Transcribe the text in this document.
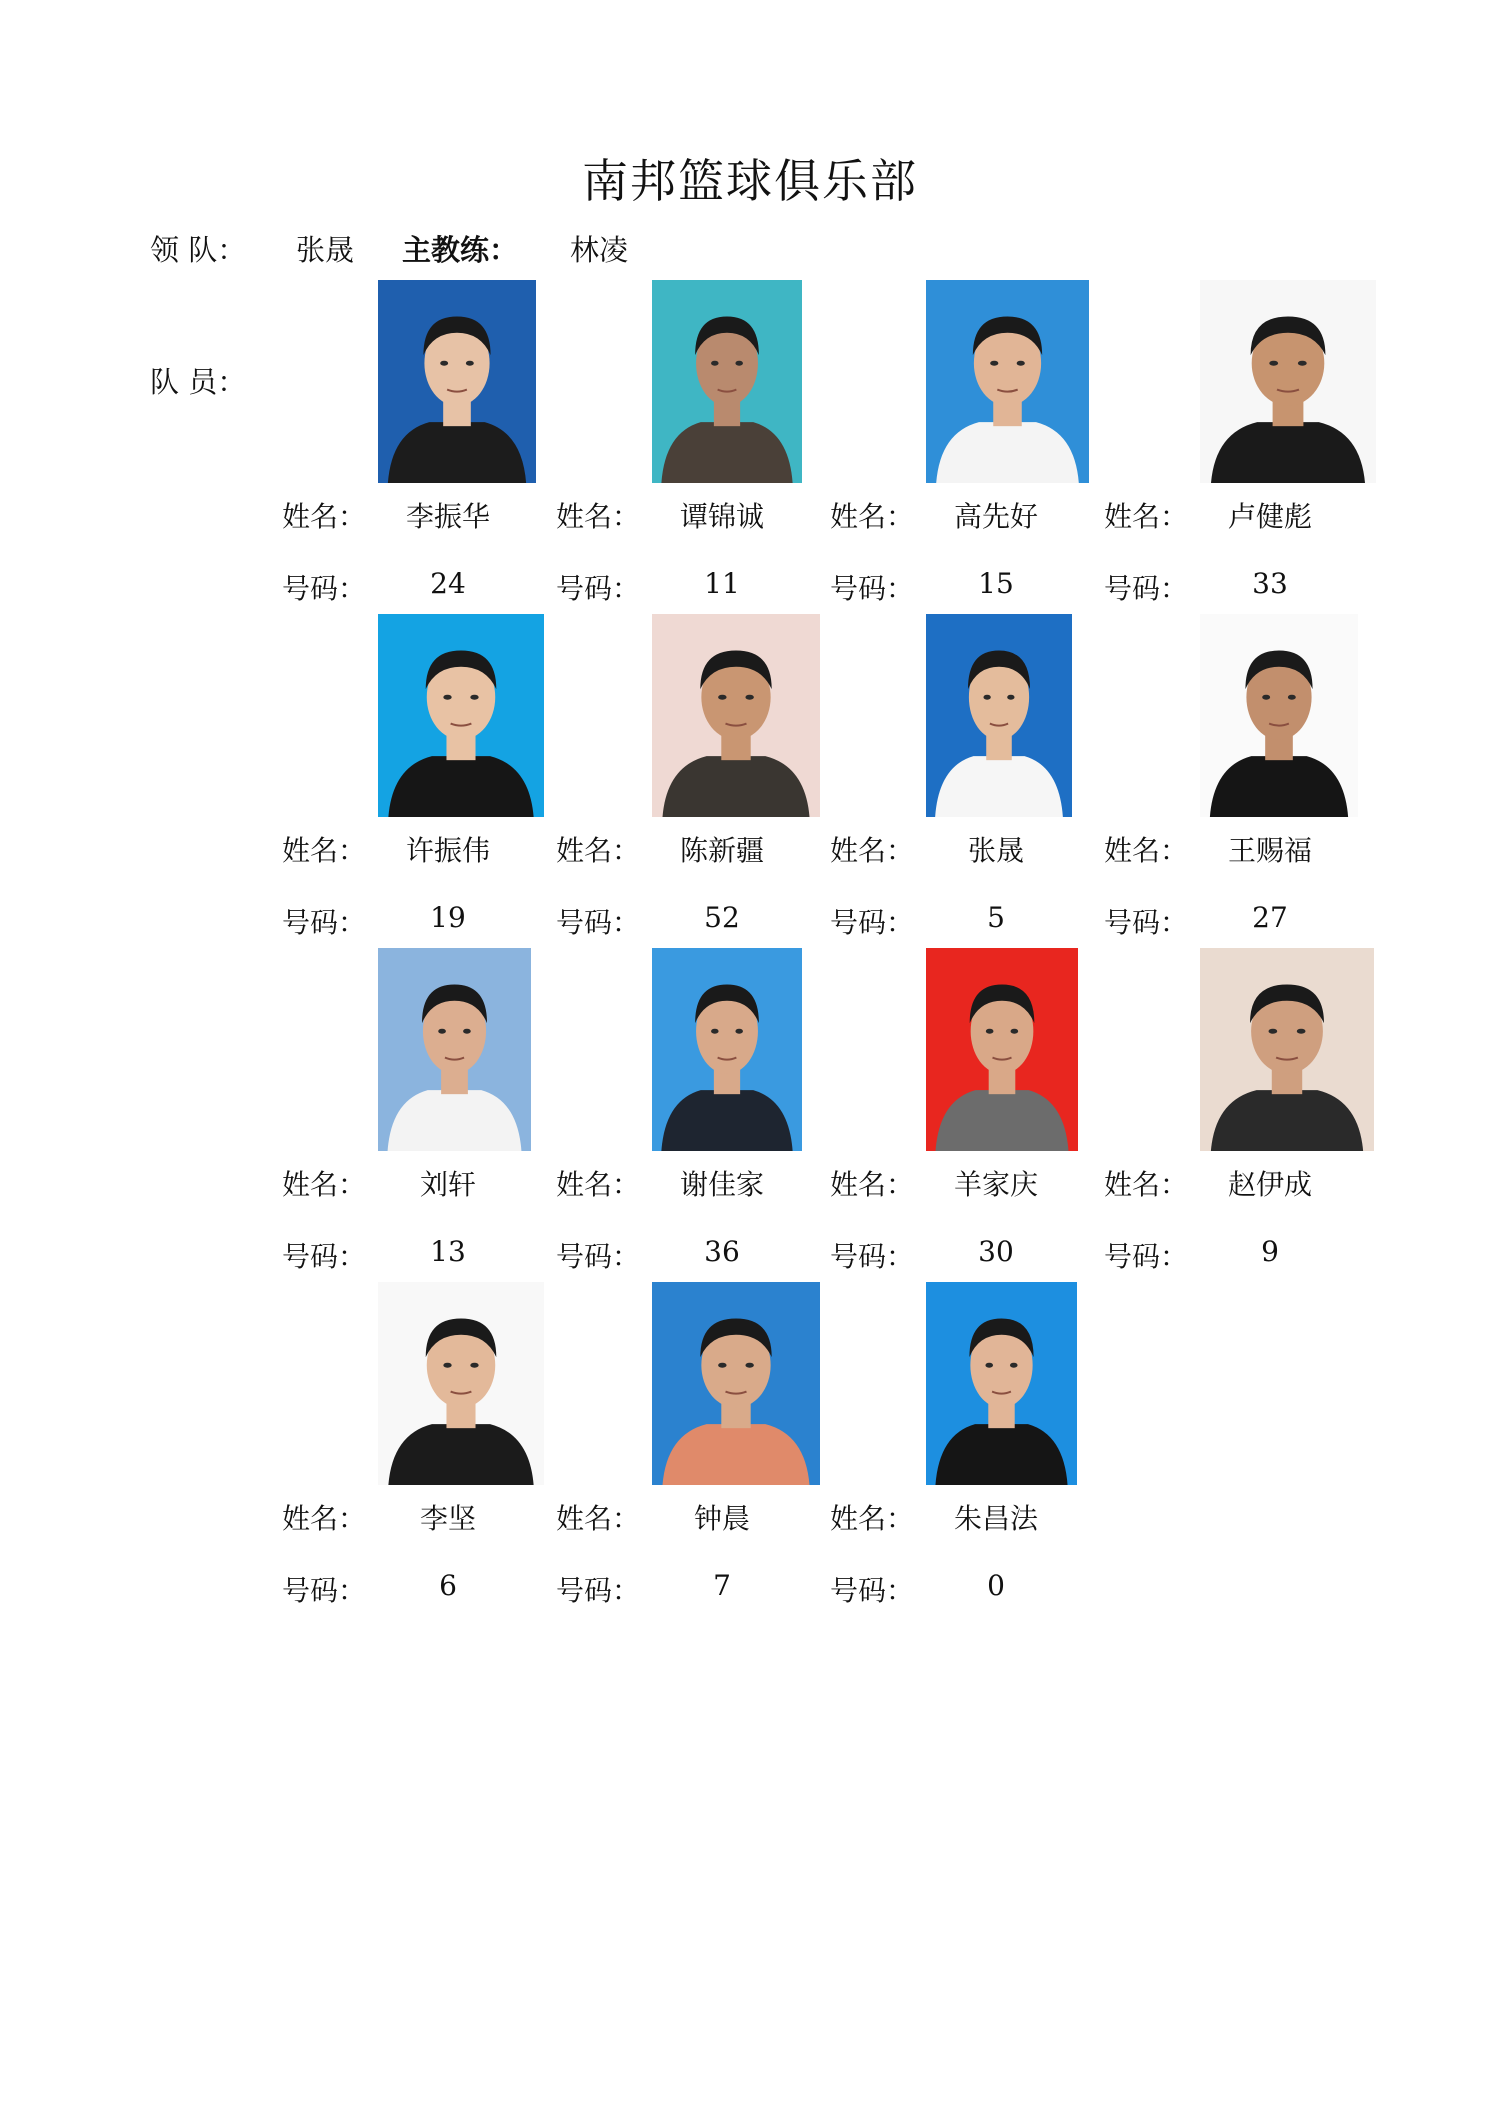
南邦篮球俱乐部
领 队： 张晟 主教练： 林凌
队 员：
姓名：	李振华
号码：	24
姓名：	谭锦诚
号码：	11
姓名：	高先好
号码：	15
姓名：	卢健彪
号码：	33
姓名：	许振伟
号码：	19
姓名：	陈新疆
号码：	52
姓名：	张晟
号码：	5
姓名：	王赐福
号码：	27
姓名：	刘轩
号码：	13
姓名：	谢佳家
号码：	36
姓名：	羊家庆
号码：	30
姓名：	赵伊成
号码：	9
姓名：	李坚
号码：	6
姓名：	钟晨
号码：	7
姓名：	朱昌法
号码：	0
